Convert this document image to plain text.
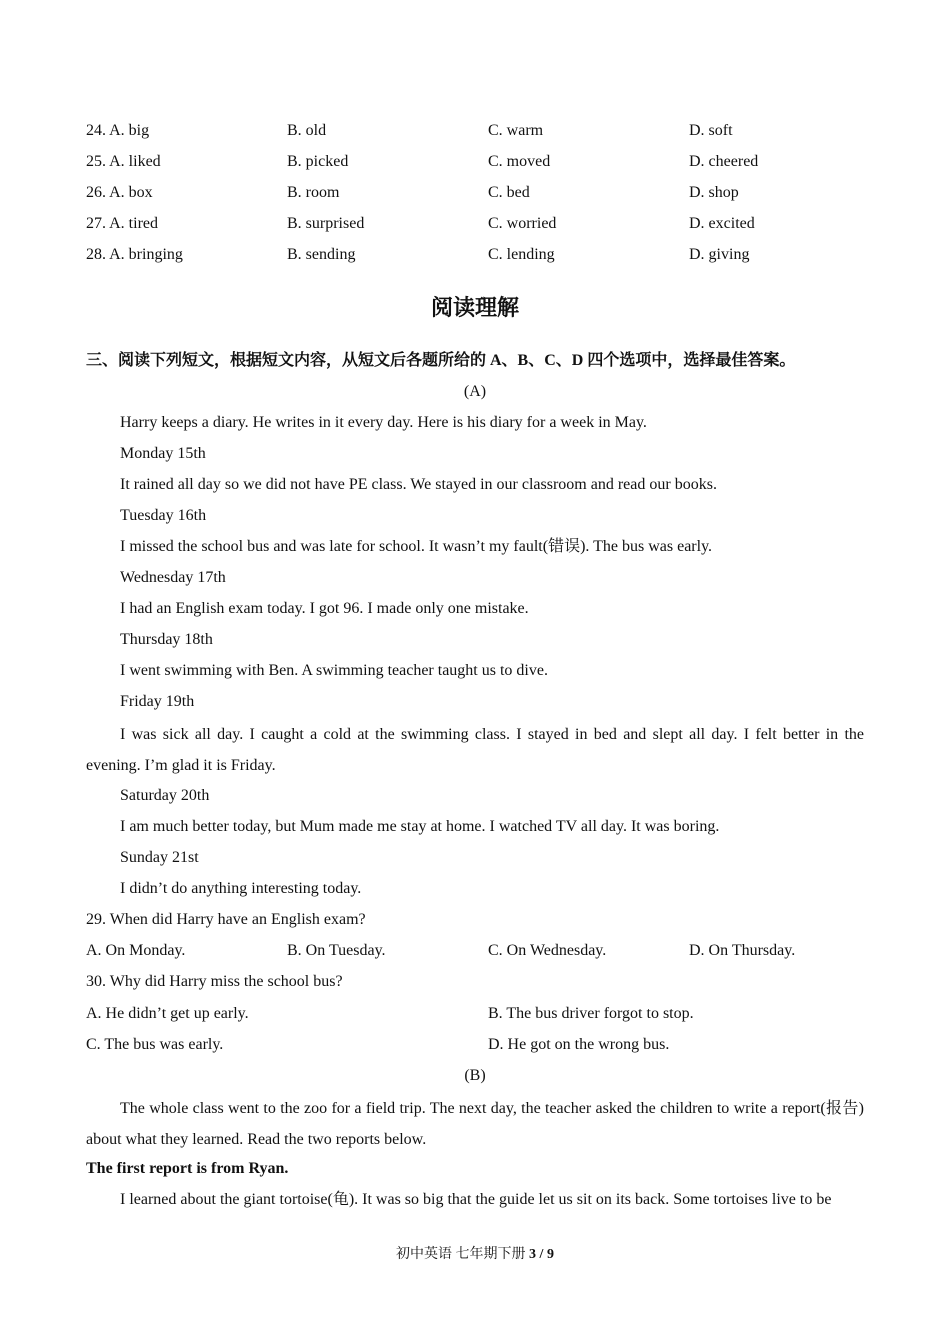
24. A. big	B. old	C. warm	D. soft
25. A. liked	B. picked	C. moved	D. cheered
26. A. box	B. room	C. bed	D. shop
27. A. tired	B. surprised	C. worried	D. excited
28. A. bringing	B. sending	C. lending	D. giving
阅读理解
三、阅读下列短文，根据短文内容，从短文后各题所给的 A、B、C、D 四个选项中，选择最佳答案。
(A)
Harry keeps a diary. He writes in it every day. Here is his diary for a week in May.
Monday 15th
It rained all day so we did not have PE class. We stayed in our classroom and read our books.
Tuesday 16th
I missed the school bus and was late for school. It wasn’t my fault(错误). The bus was early.
Wednesday 17th
I had an English exam today. I got 96. I made only one mistake.
Thursday 18th
I went swimming with Ben. A swimming teacher taught us to dive.
Friday 19th
I was sick all day. I caught a cold at the swimming class. I stayed in bed and slept all day. I felt better in the evening. I’m glad it is Friday.
Saturday 20th
I am much better today, but Mum made me stay at home. I watched TV all day. It was boring.
Sunday 21st
I didn’t do anything interesting today.
29. When did Harry have an English exam?
A. On Monday.	B. On Tuesday.	C. On Wednesday.	D. On Thursday.
30. Why did Harry miss the school bus?
A. He didn’t get up early.	B. The bus driver forgot to stop.
C. The bus was early.	D. He got on the wrong bus.
(B)
The whole class went to the zoo for a field trip. The next day, the teacher asked the children to write a report(报告) about what they learned. Read the two reports below.
The first report is from Ryan.
I learned about the giant tortoise(龟). It was so big that the guide let us sit on its back. Some tortoises live to be
初中英语 七年期下册 3 / 9
